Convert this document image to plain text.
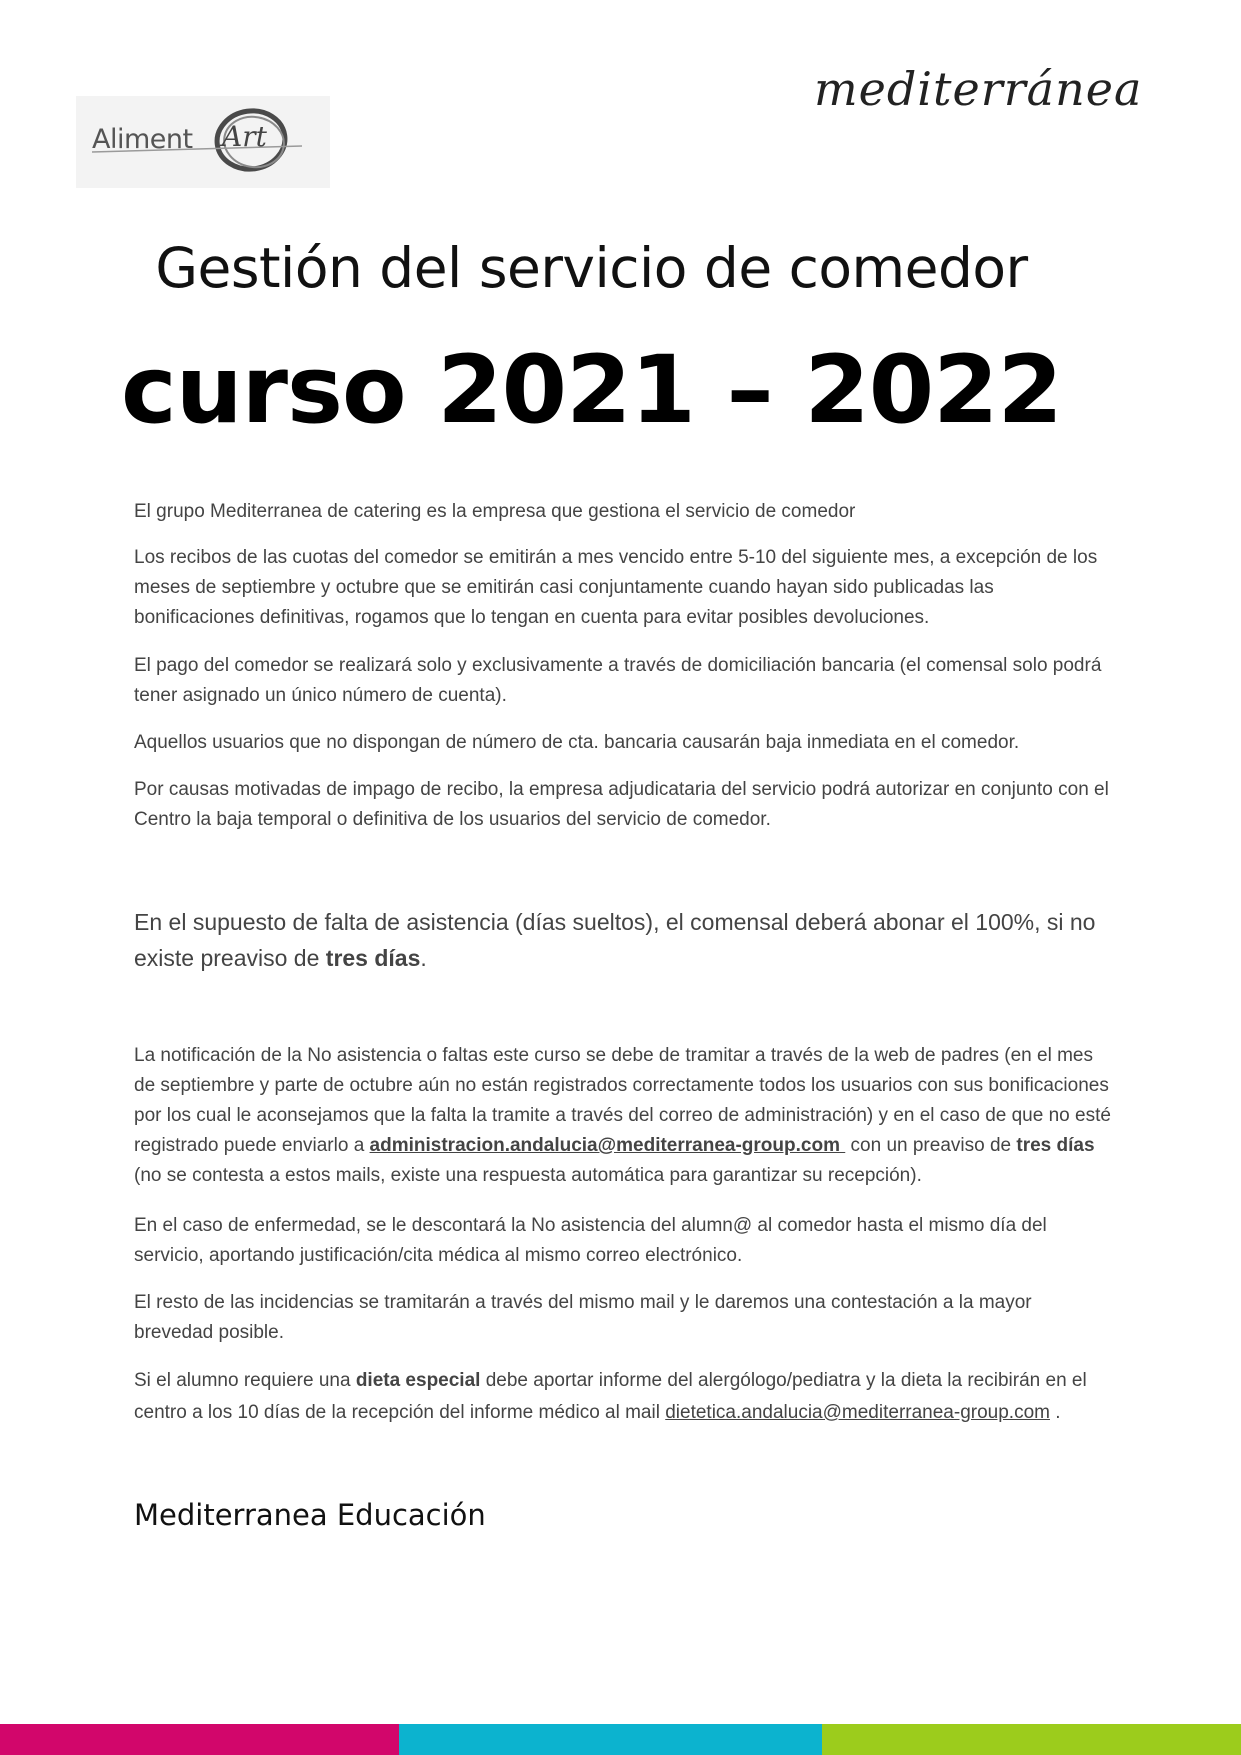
Aliment Art
mediterránea
Gestión del servicio de comedor
curso 2021 – 2022

El grupo Mediterranea de catering es la empresa que gestiona el servicio de comedor

Los recibos de las cuotas del comedor se emitirán a mes vencido entre 5-10 del siguiente mes, a excepción de los meses de septiembre y octubre que se emitirán casi conjuntamente cuando hayan sido publicadas las bonificaciones definitivas, rogamos que lo tengan en cuenta para evitar posibles devoluciones.

El pago del comedor se realizará solo y exclusivamente a través de domiciliación bancaria (el comensal solo podrá tener asignado un único número de cuenta).

Aquellos usuarios que no dispongan de número de cta. bancaria causarán baja inmediata en el comedor.

Por causas motivadas de impago de recibo, la empresa adjudicataria del servicio podrá autorizar en conjunto con el Centro la baja temporal o definitiva de los usuarios del servicio de comedor.

En el supuesto de falta de asistencia (días sueltos), el comensal deberá abonar el 100%, si no existe preaviso de tres días.

La notificación de la No asistencia o faltas este curso se debe de tramitar a través de la web de padres (en el mes de septiembre y parte de octubre aún no están registrados correctamente todos los usuarios con sus bonificaciones por los cual le aconsejamos que la falta la tramite a través del correo de administración) y en el caso de que no esté registrado puede enviarlo a administracion.andalucia@mediterranea-group.com  con un preaviso de tres días (no se contesta a estos mails, existe una respuesta automática para garantizar su recepción).

En el caso de enfermedad, se le descontará la No asistencia del alumn@ al comedor hasta el mismo día del servicio, aportando justificación/cita médica al mismo correo electrónico.

El resto de las incidencias se tramitarán a través del mismo mail y le daremos una contestación a la mayor brevedad posible.

Si el alumno requiere una dieta especial debe aportar informe del alergólogo/pediatra y la dieta la recibirán en el centro a los 10 días de la recepción del informe médico al mail dietetica.andalucia@mediterranea-group.com .

Mediterranea Educación
